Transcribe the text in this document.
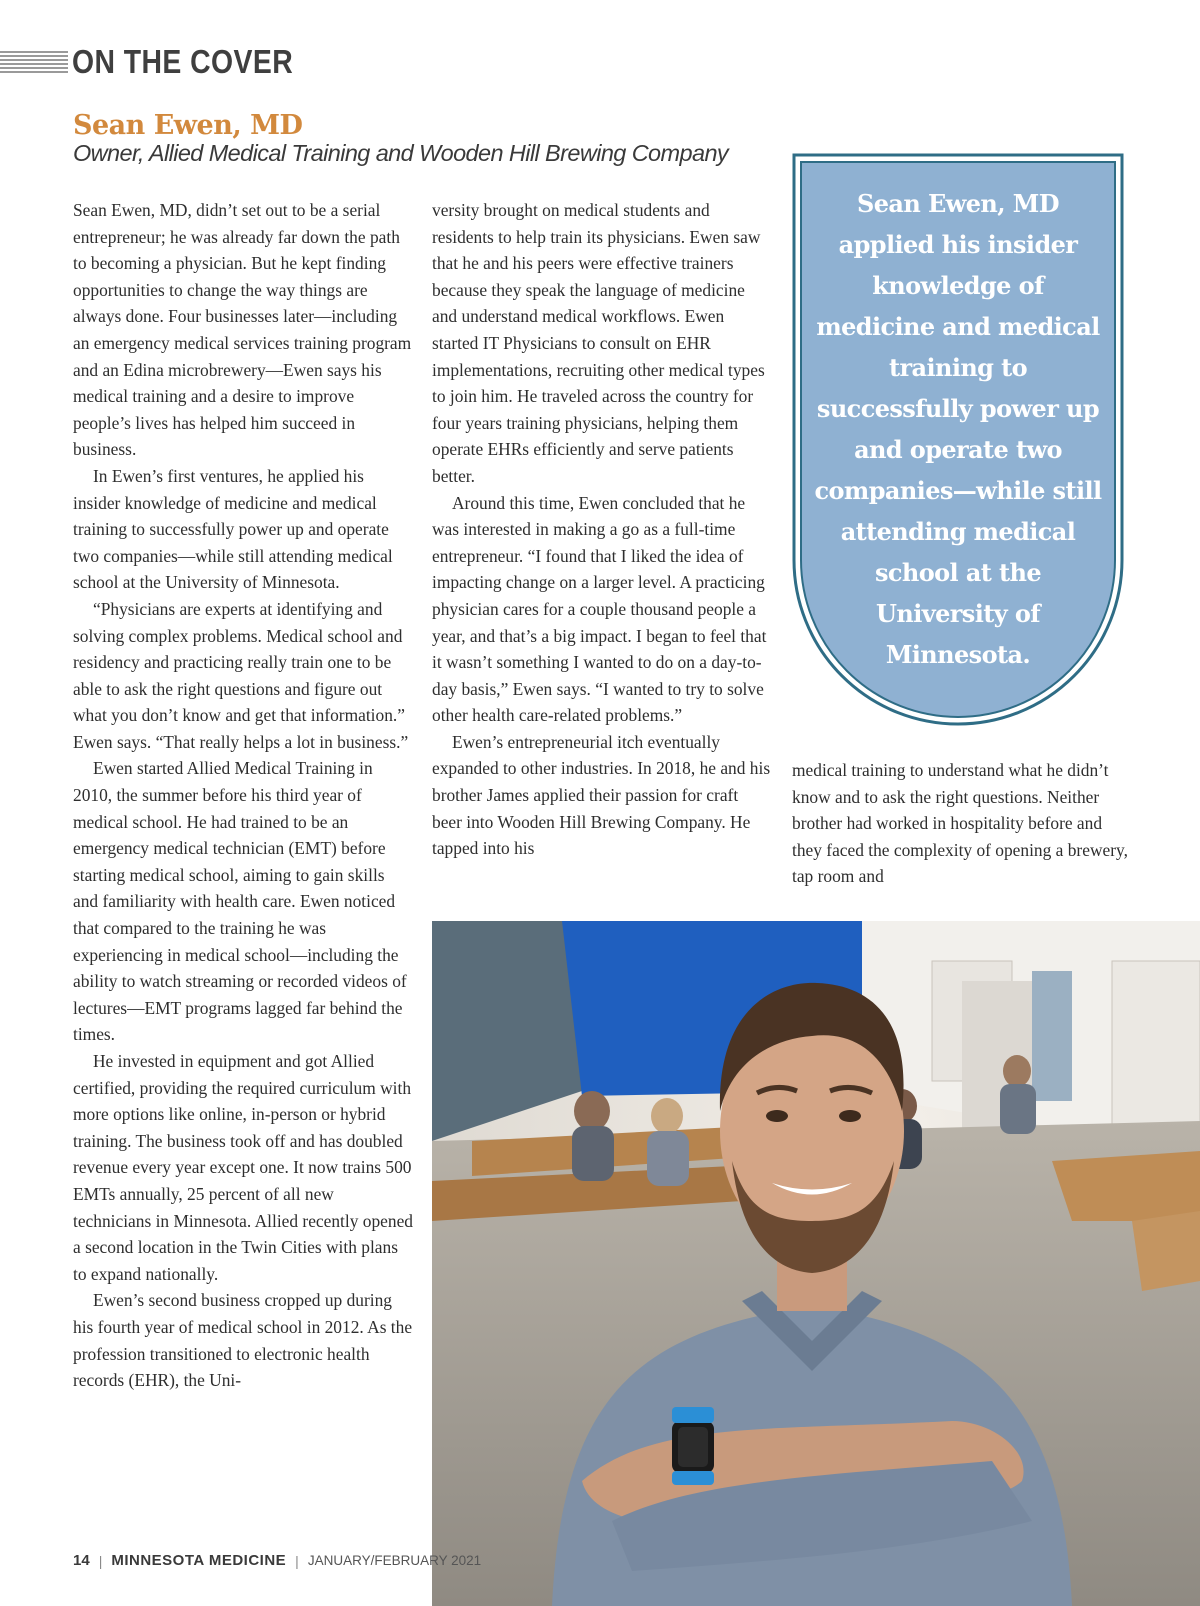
ON THE COVER
Sean Ewen, MD
Owner, Allied Medical Training and Wooden Hill Brewing Company

Sean Ewen, MD, didn’t set out to be a serial entrepreneur; he was already far down the path to becoming a physician. But he kept finding opportunities to change the way things are always done. Four businesses later—including an emergency medical services training program and an Edina microbrewery—Ewen says his medical training and a desire to improve people’s lives has helped him succeed in business.

In Ewen’s first ventures, he applied his insider knowledge of medicine and medical training to successfully power up and operate two companies—while still attending medical school at the University of Minnesota.

“Physicians are experts at identifying and solving complex problems. Medical school and residency and practicing really train one to be able to ask the right questions and figure out what you don’t know and get that information.” Ewen says. “That really helps a lot in business.”

Ewen started Allied Medical Training in 2010, the summer before his third year of medical school. He had trained to be an emergency medical technician (EMT) before starting medical school, aiming to gain skills and familiarity with health care. Ewen noticed that compared to the training he was experiencing in medical school—including the ability to watch streaming or recorded videos of lectures—EMT programs lagged far behind the times.

He invested in equipment and got Allied certified, providing the required curriculum with more options like online, in-person or hybrid training. The business took off and has doubled revenue every year except one. It now trains 500 EMTs annually, 25 percent of all new technicians in Minnesota. Allied recently opened a second location in the Twin Cities with plans to expand nationally.

Ewen’s second business cropped up during his fourth year of medical school in 2012. As the profession transitioned to electronic health records (EHR), the Uni-

versity brought on medical students and residents to help train its physicians. Ewen saw that he and his peers were effective trainers because they speak the language of medicine and understand medical workflows. Ewen started IT Physicians to consult on EHR implementations, recruiting other medical types to join him. He traveled across the country for four years training physicians, helping them operate EHRs efficiently and serve patients better.

Around this time, Ewen concluded that he was interested in making a go as a full-time entrepreneur. “I found that I liked the idea of impacting change on a larger level. A practicing physician cares for a couple thousand people a year, and that’s a big impact. I began to feel that it wasn’t something I wanted to do on a day-to-day basis,” Ewen says. “I wanted to try to solve other health care-related problems.”

Ewen’s entrepreneurial itch eventually expanded to other industries. In 2018, he and his brother James applied their passion for craft beer into Wooden Hill Brewing Company. He tapped into his

medical training to understand what he didn’t know and to ask the right questions. Neither brother had worked in hospitality before and they faced the complexity of opening a brewery, tap room and

Sean Ewen, MD applied his insider knowledge of medicine and medical training to successfully power up and operate two companies—while still attending medical school at the University of Minnesota.
14 | MINNESOTA MEDICINE | JANUARY/FEBRUARY 2021
